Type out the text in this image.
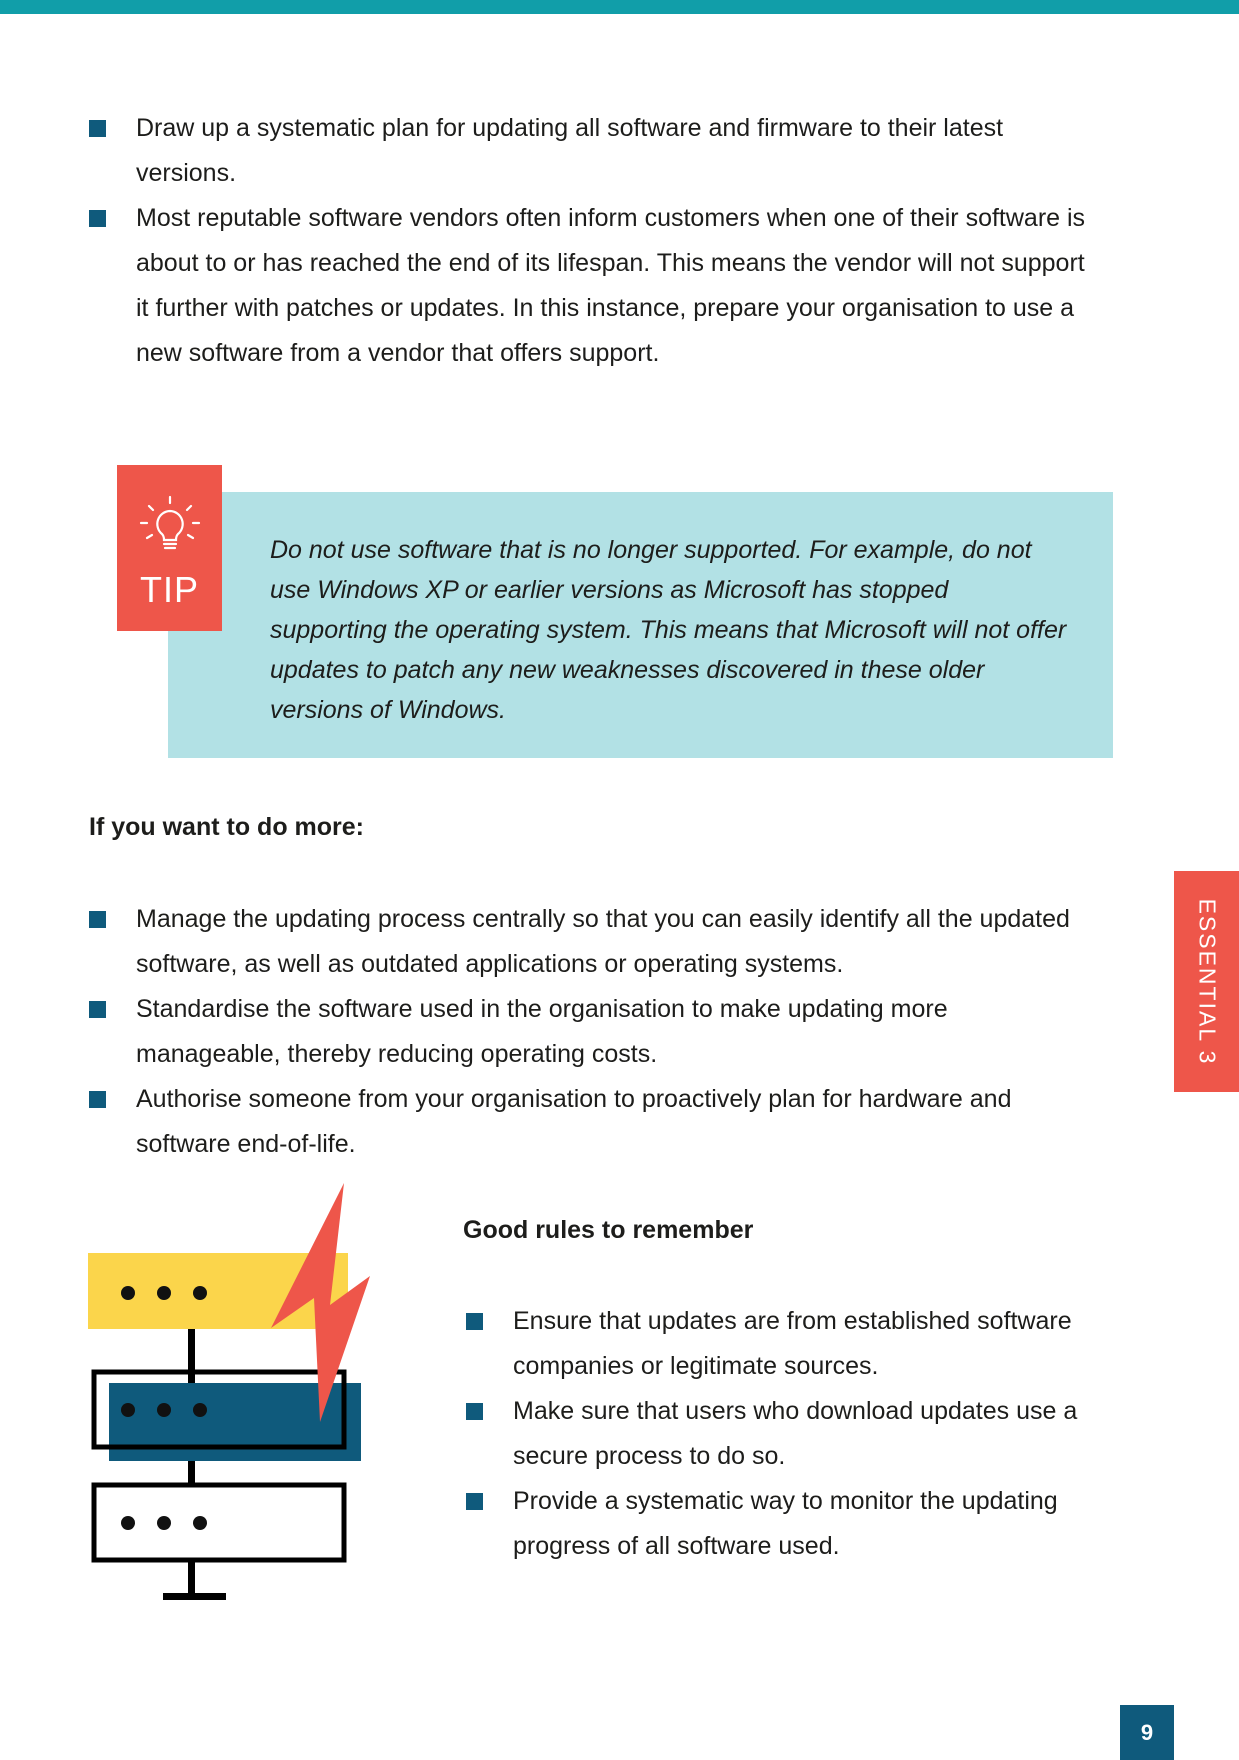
Draw up a systematic plan for updating all software and firmware to their latest versions.
Most reputable software vendors often inform customers when one of their software is about to or has reached the end of its lifespan. This means the vendor will not support it further with patches or updates. In this instance, prepare your organisation to use a new software from a vendor that offers support.
Do not use software that is no longer supported. For example, do not use Windows XP or earlier versions as Microsoft has stopped supporting the operating system. This means that Microsoft will not offer updates to patch any new weaknesses discovered in these older versions of Windows.
TIP
If you want to do more:
Manage the updating process centrally so that you can easily identify all the updated software, as well as outdated applications or operating systems.
Standardise the software used in the organisation to make updating more manageable, thereby reducing operating costs.
Authorise someone from your organisation to proactively plan for hardware and software end-of-life.
ESSENTIAL 3
Good rules to remember
Ensure that updates are from established software companies or legitimate sources.
Make sure that users who download updates use a secure process to do so.
Provide a systematic way to monitor the updating progress of all software used.
9
